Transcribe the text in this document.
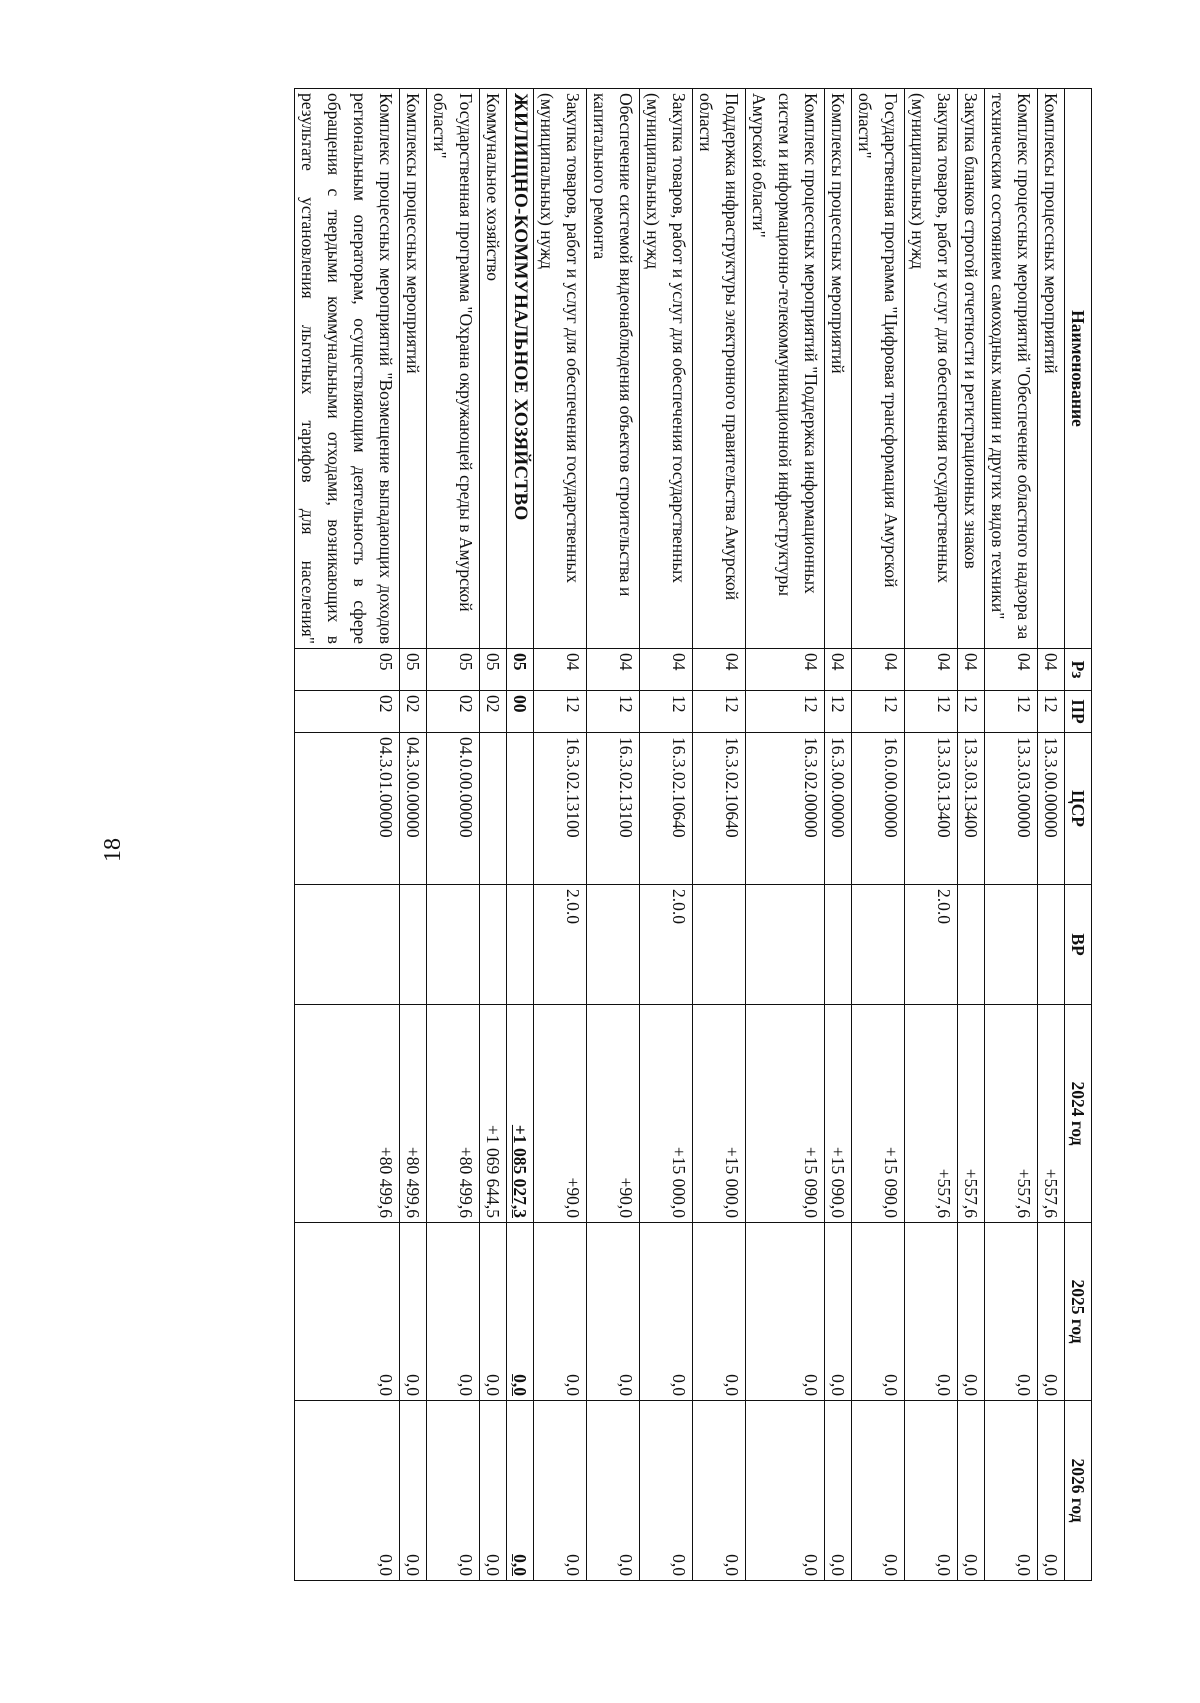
18
Наименование	Рз	ПР	ЦСР	ВР	2024 год	2025 год	2026 год
Комплексы процессных мероприятий	04	12	13.3.00.00000		+557,6	0,0	0,0
Комплекс процессных мероприятий "Обеспечение областного надзора за техническим состоянием самоходных машин и других видов техники"	04	12	13.3.03.00000		+557,6	0,0	0,0
Закупка бланков строгой отчетности и регистрационных знаков	04	12	13.3.03.13400		+557,6	0,0	0,0
Закупка товаров, работ и услуг для обеспечения государственных (муниципальных) нужд	04	12	13.3.03.13400	2.0.0	+557,6	0,0	0,0
Государственная программа "Цифровая трансформация Амурской области"	04	12	16.0.00.00000		+15 090,0	0,0	0,0
Комплексы процессных мероприятий	04	12	16.3.00.00000		+15 090,0	0,0	0,0
Комплекс процессных мероприятий "Поддержка информационных систем и информационно-телекоммуникационной инфраструктуры Амурской области"	04	12	16.3.02.00000		+15 090,0	0,0	0,0
Поддержка инфраструктуры электронного правительства Амурской области	04	12	16.3.02.10640		+15 000,0	0,0	0,0
Закупка товаров, работ и услуг для обеспечения государственных (муниципальных) нужд	04	12	16.3.02.10640	2.0.0	+15 000,0	0,0	0,0
Обеспечение системой видеонаблюдения объектов строительства и капитального ремонта	04	12	16.3.02.13100		+90,0	0,0	0,0
Закупка товаров, работ и услуг для обеспечения государственных (муниципальных) нужд	04	12	16.3.02.13100	2.0.0	+90,0	0,0	0,0
ЖИЛИЩНО-КОММУНАЛЬНОЕ ХОЗЯЙСТВО	05	00			+1 085 027,3	0,0	0,0
Коммунальное хозяйство	05	02			+1 069 644,5	0,0	0,0
Государственная программа "Охрана окружающей среды в Амурской области"	05	02	04.0.00.00000		+80 499,6	0,0	0,0
Комплексы процессных мероприятий	05	02	04.3.00.00000		+80 499,6	0,0	0,0
Комплекс процессных мероприятий "Возмещение выпадающих доходов региональным операторам, осуществляющим деятельность в сфере обращения с твердыми коммунальными отходами, возникающих в результате установления льготных тарифов для населения"	05	02	04.3.01.00000		+80 499,6	0,0	0,0
